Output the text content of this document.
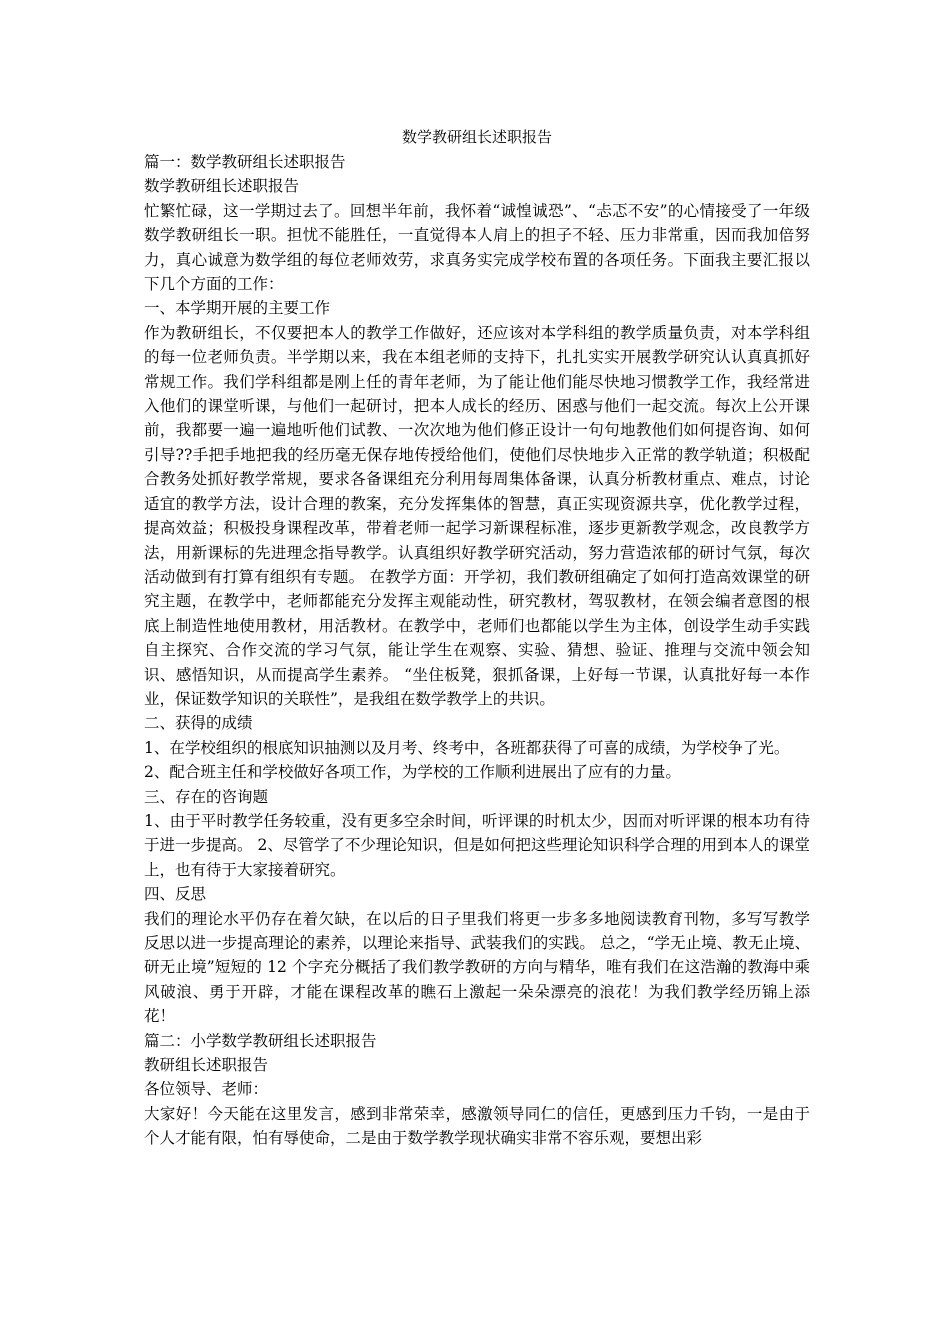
数学教研组长述职报告

篇一：数学教研组长述职报告

数学教研组长述职报告

忙繁忙碌，这一学期过去了。回想半年前，我怀着“诚惶诚恐”、“忐忑不安”的心情接受了一年级数学教研组长一职。担忧不能胜任，一直觉得本人肩上的担子不轻、压力非常重，因而我加倍努力，真心诚意为数学组的每位老师效劳，求真务实完成学校布置的各项任务。下面我主要汇报以下几个方面的工作：

一、本学期开展的主要工作

作为教研组长，不仅要把本人的教学工作做好，还应该对本学科组的教学质量负责，对本学科组的每一位老师负责。半学期以来，我在本组老师的支持下，扎扎实实开展教学研究认认真真抓好常规工作。我们学科组都是刚上任的青年老师，为了能让他们能尽快地习惯教学工作，我经常进入他们的课堂听课，与他们一起研讨，把本人成长的经历、困惑与他们一起交流。每次上公开课前，我都要一遍一遍地听他们试教、一次次地为他们修正设计一句句地教他们如何提咨询、如何引导??手把手地把我的经历毫无保存地传授给他们，使他们尽快地步入正常的教学轨道；积极配合教务处抓好教学常规，要求各备课组充分利用每周集体备课，认真分析教材重点、难点，讨论适宜的教学方法，设计合理的教案，充分发挥集体的智慧，真正实现资源共享，优化教学过程，提高效益；积极投身课程改革，带着老师一起学习新课程标准，逐步更新教学观念，改良教学方法，用新课标的先进理念指导教学。认真组织好教学研究活动，努力营造浓郁的研讨气氛，每次活动做到有打算有组织有专题。 在教学方面：开学初，我们教研组确定了如何打造高效课堂的研究主题，在教学中，老师都能充分发挥主观能动性，研究教材，驾驭教材，在领会编者意图的根底上制造性地使用教材，用活教材。在教学中，老师们也都能以学生为主体，创设学生动手实践自主探究、合作交流的学习气氛，能让学生在观察、实验、猜想、验证、推理与交流中领会知识、感悟知识，从而提高学生素养。 “坐住板凳，狠抓备课，上好每一节课，认真批好每一本作业，保证数学知识的关联性”，是我组在数学教学上的共识。

二、获得的成绩

1、在学校组织的根底知识抽测以及月考、终考中，各班都获得了可喜的成绩，为学校争了光。

2、配合班主任和学校做好各项工作，为学校的工作顺利进展出了应有的力量。

三、存在的咨询题

1、由于平时教学任务较重，没有更多空余时间，听评课的时机太少，因而对听评课的根本功有待于进一步提高。 2、尽管学了不少理论知识，但是如何把这些理论知识科学合理的用到本人的课堂上，也有待于大家接着研究。

四、反思

我们的理论水平仍存在着欠缺，在以后的日子里我们将更一步多多地阅读教育刊物，多写写教学反思以进一步提高理论的素养，以理论来指导、武装我们的实践。 总之，“学无止境、教无止境、研无止境”短短的 12 个字充分概括了我们教学教研的方向与精华，唯有我们在这浩瀚的教海中乘风破浪、勇于开辟，才能在课程改革的瞧石上激起一朵朵漂亮的浪花！为我们教学经历锦上添花！

篇二：小学数学教研组长述职报告

教研组长述职报告

各位领导、老师：

大家好！今天能在这里发言，感到非常荣幸，感激领导同仁的信任，更感到压力千钧，一是由于个人才能有限，怕有辱使命，二是由于数学教学现状确实非常不容乐观，要想出彩
